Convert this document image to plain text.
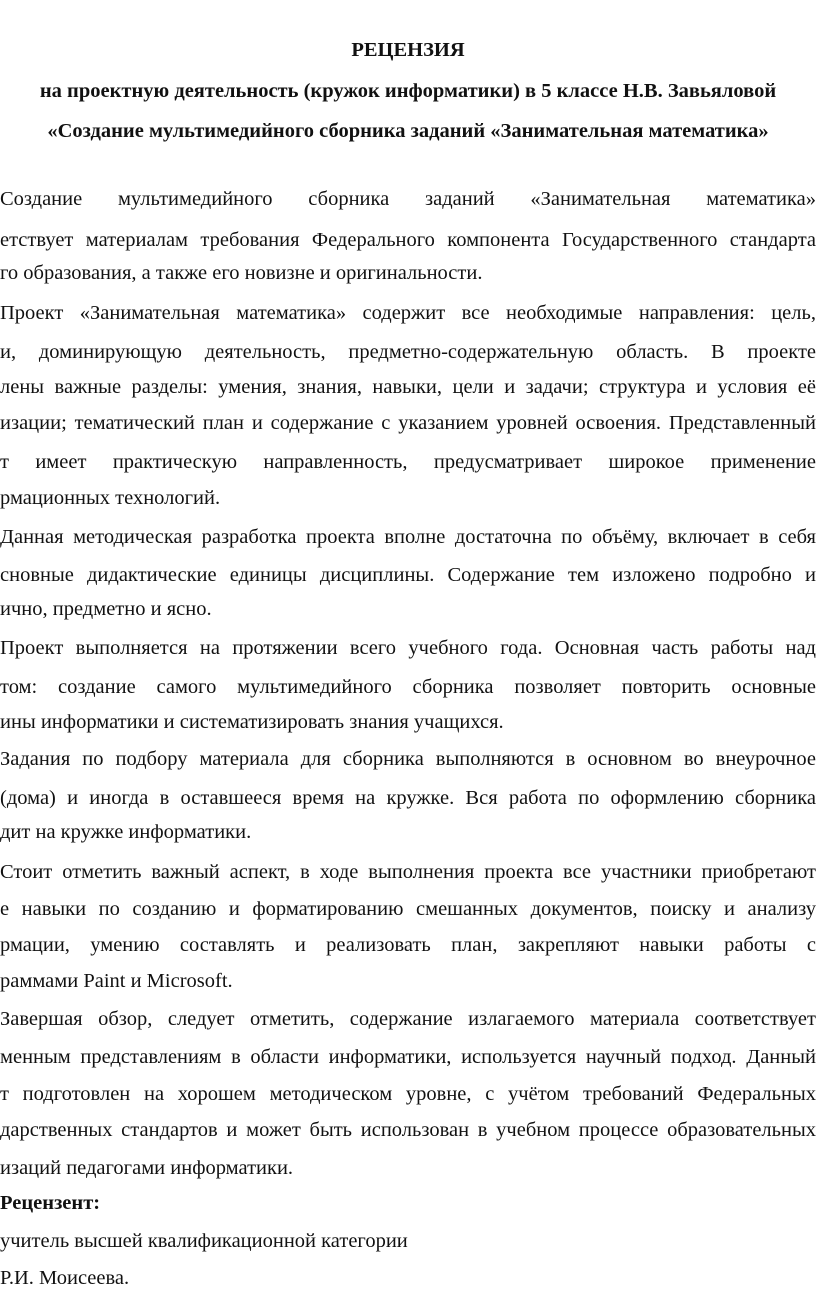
РЕЦЕНЗИЯ
на проектную деятельность (кружок информатики) в 5 классе Н.В. Завьяловой
«Создание мультимедийного сборника заданий «Занимательная математика»
Создание мультимедийного сборника заданий «Занимательная математика»
етствует материалам требования Федерального компонента Государственного стандарта
го образования, а также его новизне и оригинальности.
Проект «Занимательная математика» содержит все необходимые направления: цель,
и, доминирующую деятельность, предметно-содержательную область. В проекте
лены важные разделы: умения, знания, навыки, цели и задачи; структура и условия её
изации; тематический план и содержание с указанием уровней освоения. Представленный
т имеет практическую направленность, предусматривает широкое применение
рмационных технологий.
Данная методическая разработка проекта вполне достаточна по объёму, включает в себя
сновные дидактические единицы дисциплины. Содержание тем изложено подробно и
ично, предметно и ясно.
Проект выполняется на протяжении всего учебного года. Основная часть работы над
том: создание самого мультимедийного сборника позволяет повторить основные
ины информатики и систематизировать знания учащихся.
Задания по подбору материала для сборника выполняются в основном во внеурочное
(дома) и иногда в оставшееся время на кружке. Вся работа по оформлению сборника
дит на кружке информатики.
Стоит отметить важный аспект, в ходе выполнения проекта все участники приобретают
е навыки по созданию и форматированию смешанных документов, поиску и анализу
рмации, умению составлять и реализовать план, закрепляют навыки работы с
раммами Paint и Microsoft.
Завершая обзор, следует отметить, содержание излагаемого материала соответствует
менным представлениям в области информатики, используется научный подход. Данный
т подготовлен на хорошем методическом уровне, с учётом требований Федеральных
дарственных стандартов и может быть использован в учебном процессе образовательных
изаций педагогами информатики.
Рецензент:
учитель высшей квалификационной категории
Р.И. Моисеева.
